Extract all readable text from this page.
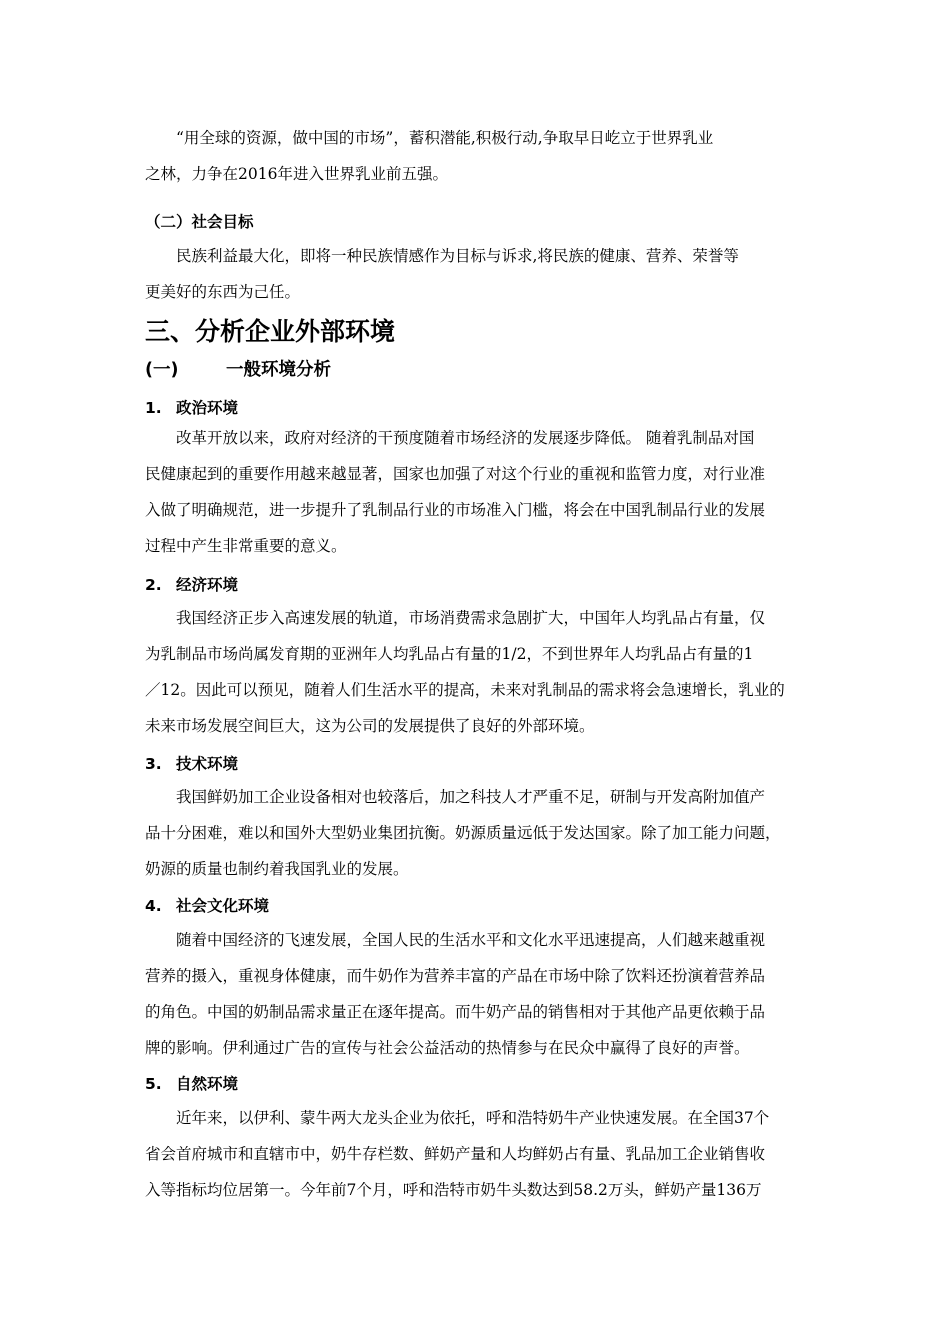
“用全球的资源，做中国的市场”，蓄积潜能,积极行动,争取早日屹立于世界乳业
之林，力争在2016年进入世界乳业前五强。
（二）社会目标
民族利益最大化，即将一种民族情感作为目标与诉求,将民族的健康、营养、荣誉等
更美好的东西为己任。
三、分析企业外部环境
(一)	一般环境分析
1. 政治环境
改革开放以来，政府对经济的干预度随着市场经济的发展逐步降低。 随着乳制品对国
民健康起到的重要作用越来越显著，国家也加强了对这个行业的重视和监管力度，对行业准
入做了明确规范，进一步提升了乳制品行业的市场准入门槛，将会在中国乳制品行业的发展
过程中产生非常重要的意义。
2. 经济环境
我国经济正步入高速发展的轨道，市场消费需求急剧扩大，中国年人均乳品占有量，仅
为乳制品市场尚属发育期的亚洲年人均乳品占有量的1/2，不到世界年人均乳品占有量的1
／12。因此可以预见，随着人们生活水平的提高，未来对乳制品的需求将会急速增长，乳业的
未来市场发展空间巨大，这为公司的发展提供了良好的外部环境。
3. 技术环境
我国鲜奶加工企业设备相对也较落后，加之科技人才严重不足，研制与开发高附加值产
品十分困难，难以和国外大型奶业集团抗衡。奶源质量远低于发达国家。除了加工能力问题，
奶源的质量也制约着我国乳业的发展。
4. 社会文化环境
随着中国经济的飞速发展，全国人民的生活水平和文化水平迅速提高，人们越来越重视
营养的摄入，重视身体健康，而牛奶作为营养丰富的产品在市场中除了饮料还扮演着营养品
的角色。中国的奶制品需求量正在逐年提高。而牛奶产品的销售相对于其他产品更依赖于品
牌的影响。伊利通过广告的宣传与社会公益活动的热情参与在民众中赢得了良好的声誉。
5. 自然环境
近年来，以伊利、蒙牛两大龙头企业为依托，呼和浩特奶牛产业快速发展。在全国37个
省会首府城市和直辖市中，奶牛存栏数、鲜奶产量和人均鲜奶占有量、乳品加工企业销售收
入等指标均位居第一。今年前7个月，呼和浩特市奶牛头数达到58.2万头，鲜奶产量136万
